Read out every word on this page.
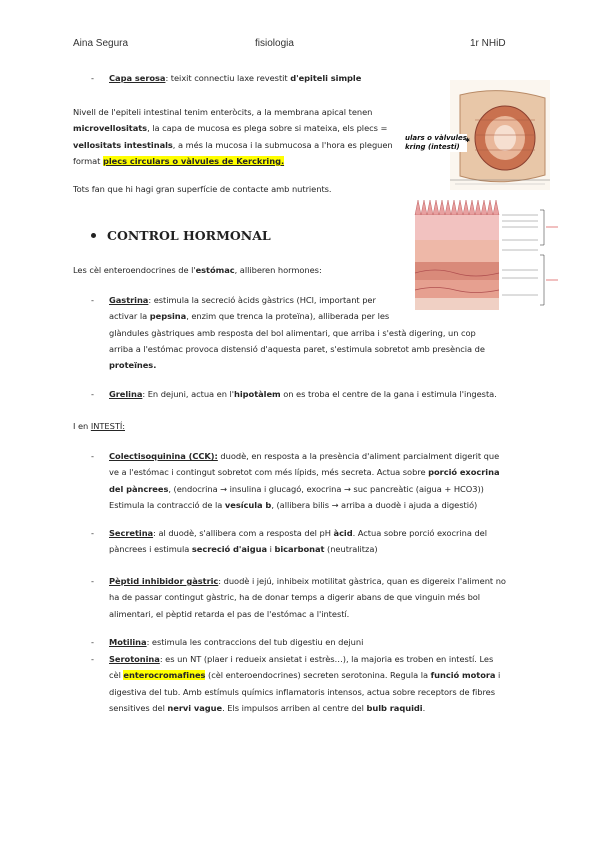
Aina Segura	fisiologia	1r NHiD
ulars o vàlvules
kring (intesti)
✱
- Capa serosa: teixit connectiu laxe revestit d'epiteli simple
Nivell de l'epiteli intestinal tenim enteròcits, a la membrana apical tenen
microvellositats, la capa de mucosa es plega sobre si mateixa, els plecs =
vellositats intestinals, a més la mucosa i la submucosa a l'hora es pleguen
format plecs circulars o vàlvules de Kerckring.
Tots fan que hi hagi gran superfície de contacte amb nutrients.
CONTROL HORMONAL
Les cèl enteroendocrines de l'estómac, alliberen hormones:
- Gastrina: estimula la secreció àcids gàstrics (HCl, important per
activar la pepsina, enzim que trenca la proteïna), alliberada per les
glàndules gàstriques amb resposta del bol alimentari, que arriba i s'està digering, un cop
arriba a l'estómac provoca distensió d'aquesta paret, s'estimula sobretot amb presència de
proteïnes.
- Grelina: En dejuni, actua en l'hipotàlem on es troba el centre de la gana i estimula l'ingesta.
I en INTESTÍ:
- Colectisoquinina (CCK): duodè, en resposta a la presència d'aliment parcialment digerit que
ve a l'estómac i contingut sobretot com més lípids, més secreta. Actua sobre porció exocrina
del pàncrees, (endocrina → insulina i glucagó, exocrina → suc pancreàtic (aigua + HCO3))
Estimula la contracció de la vesícula b, (allibera bilis → arriba a duodè i ajuda a digestió)
- Secretina: al duodè, s'allibera com a resposta del pH àcid. Actua sobre porció exocrina del
pàncrees i estimula secreció d'aigua i bicarbonat (neutralitza)
- Pèptid inhibidor gàstric: duodè i jejú, inhibeix motilitat gàstrica, quan es digereix l'aliment no
ha de passar contingut gàstric, ha de donar temps a digerir abans de que vinguin més bol
alimentari, el pèptid retarda el pas de l'estómac a l'intestí.
- Motilina: estimula les contraccions del tub digestiu en dejuni
- Serotonina: es un NT (plaer i redueix ansietat i estrès…), la majoria es troben en intestí. Les
cèl enterocromafines (cèl enteroendocrines) secreten serotonina. Regula la funció motora i
digestiva del tub. Amb estímuls químics inflamatoris intensos, actua sobre receptors de fibres
sensitives del nervi vague. Els impulsos arriben al centre del bulb raquidi.
